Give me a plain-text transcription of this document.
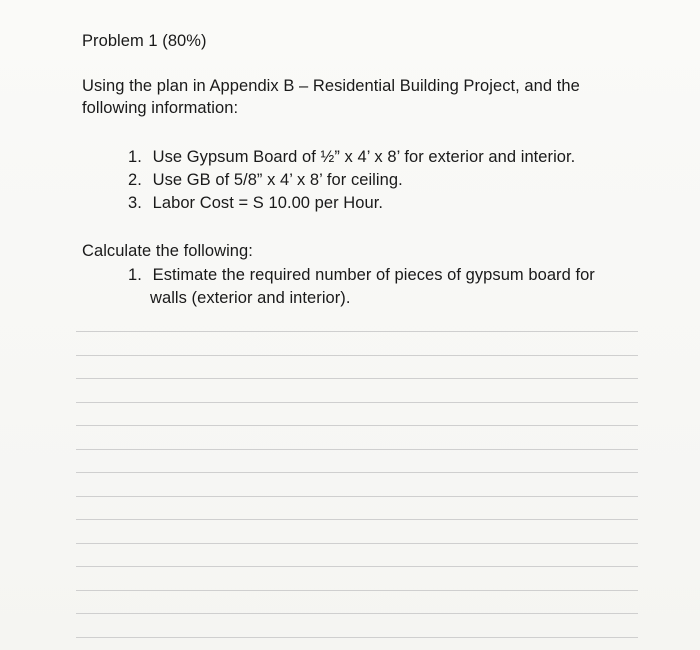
Problem 1 (80%)
Using the plan in Appendix B – Residential Building Project, and the
following information:
1. Use Gypsum Board of ½” x 4’ x 8’ for exterior and interior.
2. Use GB of 5/8” x 4’ x 8’ for ceiling.
3. Labor Cost = S 10.00 per Hour.
Calculate the following:
1. Estimate the required number of pieces of gypsum board for
walls (exterior and interior).
